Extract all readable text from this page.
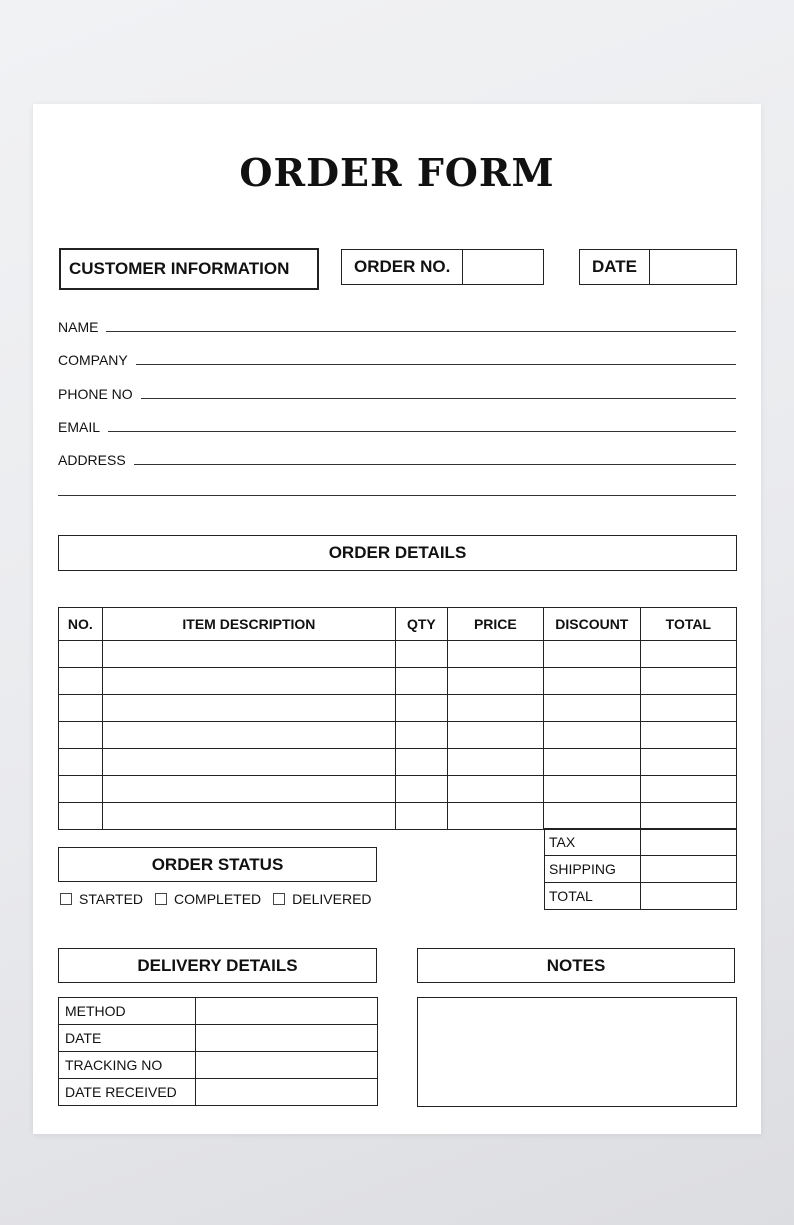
ORDER FORM
CUSTOMER INFORMATION	ORDER NO.	DATE
NAME
COMPANY
PHONE NO
EMAIL
ADDRESS
ORDER DETAILS
NO.	ITEM DESCRIPTION	QTY	PRICE	DISCOUNT	TOTAL

TAX	
SHIPPING	
TOTAL	
ORDER STATUS
STARTED COMPLETED DELIVERED
DELIVERY DETAILS
METHOD	
DATE	
TRACKING NO	
DATE RECEIVED	
NOTES
